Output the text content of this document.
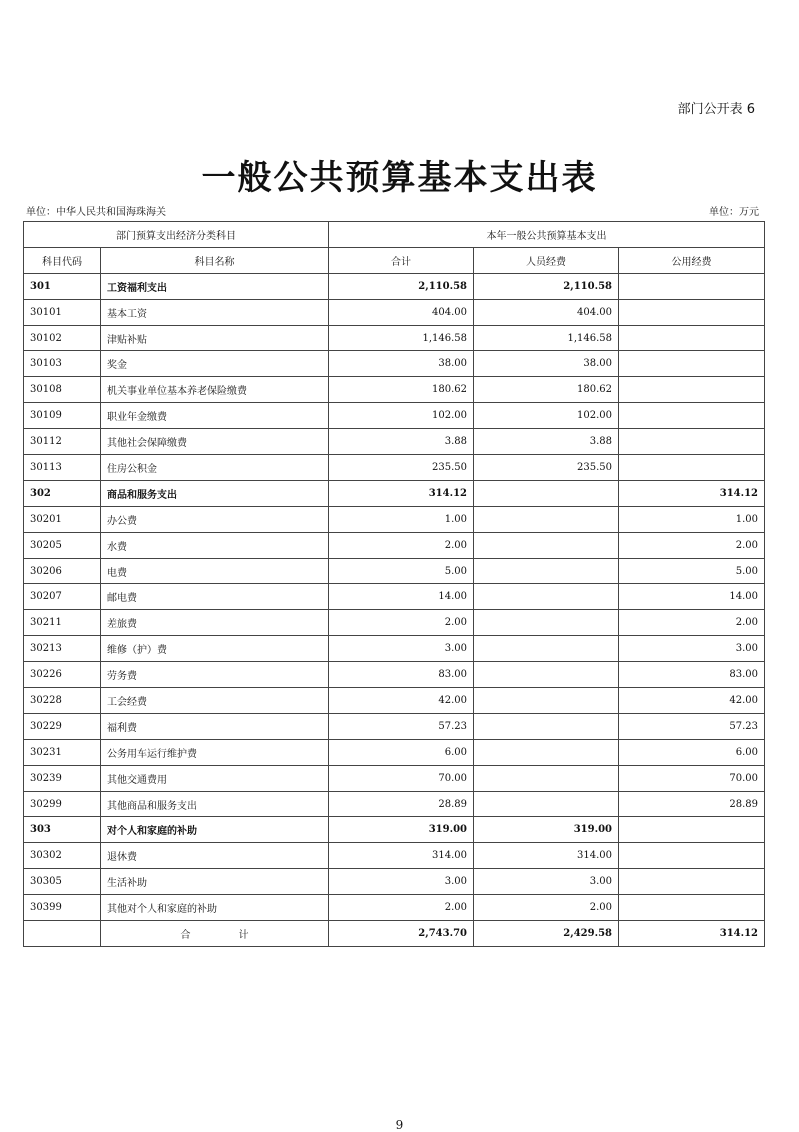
部门公开表 6
一般公共预算基本支出表
单位：中华人民共和国海珠海关	单位：万元
部门预算支出经济分类科目		本年一般公共预算基本支出		
科目代码	科目名称	合计	人员经费	公用经费
301	工资福利支出	2,110.58	2,110.58	
30101	基本工资	404.00	404.00	
30102	津贴补贴	1,146.58	1,146.58	
30103	奖金	38.00	38.00	
30108	机关事业单位基本养老保险缴费	180.62	180.62	
30109	职业年金缴费	102.00	102.00	
30112	其他社会保障缴费	3.88	3.88	
30113	住房公积金	235.50	235.50	
302	商品和服务支出	314.12		314.12
30201	办公费	1.00		1.00
30205	水费	2.00		2.00
30206	电费	5.00		5.00
30207	邮电费	14.00		14.00
30211	差旅费	2.00		2.00
30213	维修（护）费	3.00		3.00
30226	劳务费	83.00		83.00
30228	工会经费	42.00		42.00
30229	福利费	57.23		57.23
30231	公务用车运行维护费	6.00		6.00
30239	其他交通费用	70.00		70.00
30299	其他商品和服务支出	28.89		28.89
303	对个人和家庭的补助	319.00	319.00	
30302	退休费	314.00	314.00	
30305	生活补助	3.00	3.00	
30399	其他对个人和家庭的补助	2.00	2.00	
	合 计	2,743.70	2,429.58	314.12
9
